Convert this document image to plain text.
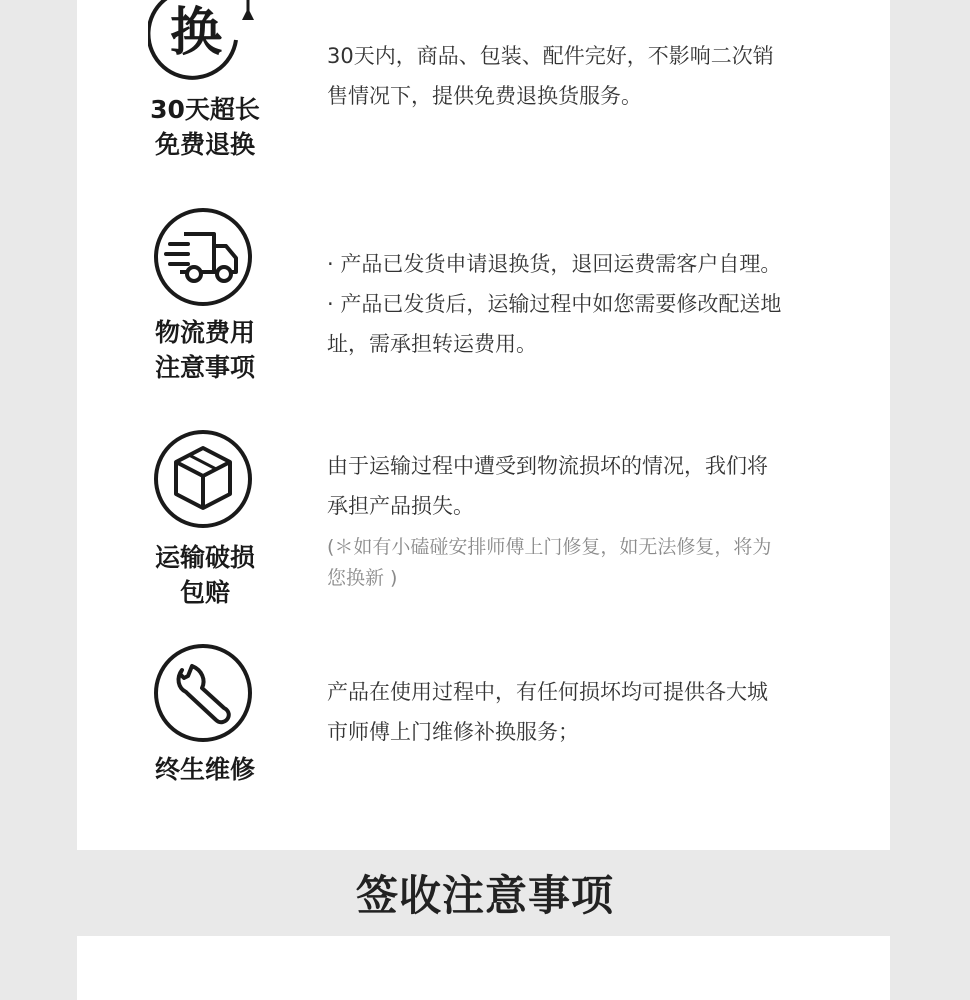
换
30天超长
免费退换

30天内，商品、包装、配件完好，不影响二次销

售情况下，提供免费退换货服务。

物流费用
注意事项

· 产品已发货申请退换货，退回运费需客户自理。

· 产品已发货后，运输过程中如您需要修改配送地

址，需承担转运费用。

运输破损
包赔

由于运输过程中遭受到物流损坏的情况，我们将

承担产品损失。

(＊如有小磕碰安排师傅上门修复，如无法修复，将为
您换新 )
终生维修

产品在使用过程中，有任何损坏均可提供各大城

市师傅上门维修补换服务；

签收注意事项
